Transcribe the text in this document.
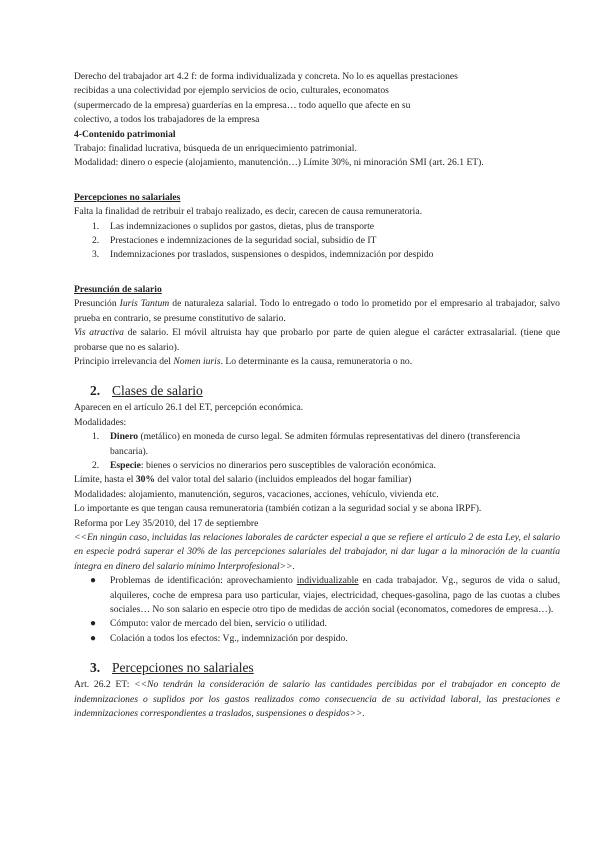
Derecho del trabajador art 4.2 f: de forma individualizada y concreta. No lo es aquellas prestaciones

recibidas a una colectividad por ejemplo servicios de ocio, culturales, economatos

(supermercado de la empresa) guarderías en la empresa… todo aquello que afecte en su

colectivo, a todos los trabajadores de la empresa

4-Contenido patrimonial

Trabajo: finalidad lucrativa, búsqueda de un enriquecimiento patrimonial.

Modalidad: dinero o especie (alojamiento, manutención…) Límite 30%, ni minoración SMI (art. 26.1 ET).

Percepciones no salariales

Falta la finalidad de retribuir el trabajo realizado, es decir, carecen de causa remuneratoria.

1.	Las indemnizaciones o suplidos por gastos, dietas, plus de transporte
2.	Prestaciones e indemnizaciones de la seguridad social, subsidio de IT
3.	Indemnizaciones por traslados, suspensiones o despidos, indemnización por despido

Presunción de salario

Presunción Iuris Tantum de naturaleza salarial. Todo lo entregado o todo lo prometido por el empresario al trabajador, salvo prueba en contrario, se presume constitutivo de salario.

Vis atractiva de salario. El móvil altruista hay que probarlo por parte de quien alegue el carácter extrasalarial. (tiene que probarse que no es salario).

Principio irrelevancia del Nomen iuris. Lo determinante es la causa, remuneratoria o no.

2. Clases de salario

Aparecen en el artículo 26.1 del ET, percepción económica.

Modalidades:

1.	Dinero (metálico) en moneda de curso legal. Se admiten fórmulas representativas del dinero (transferencia bancaria).
2.	Especie: bienes o servicios no dinerarios pero susceptibles de valoración económica.

Límite, hasta el 30% del valor total del salario (incluidos empleados del hogar familiar)

Modalidades: alojamiento, manutención, seguros, vacaciones, acciones, vehículo, vivienda etc.

Lo importante es que tengan causa remuneratoria (también cotizan a la seguridad social y se abona IRPF).

Reforma por Ley 35/2010, del 17 de septiembre

<<En ningún caso, incluidas las relaciones laborales de carácter especial a que se refiere el artículo 2 de esta Ley, el salario en especie podrá superar el 30% de las percepciones salariales del trabajador, ni dar lugar a la minoración de la cuantía íntegra en dinero del salario mínimo Interprofesional>>.

●	Problemas de identificación: aprovechamiento individualizable en cada trabajador. Vg., seguros de vida o salud, alquileres, coche de empresa para uso particular, viajes, electricidad, cheques-gasolina, pago de las cuotas a clubes sociales… No son salario en especie otro tipo de medidas de acción social (economatos, comedores de empresa…).
●	Cómputo: valor de mercado del bien, servicio o utilidad.
●	Colación a todos los efectos: Vg., indemnización por despido.
3. Percepciones no salariales

Art. 26.2 ET: <<No tendrán la consideración de salario las cantidades percibidas por el trabajador en concepto de indemnizaciones o suplidos por los gastos realizados como consecuencia de su actividad laboral, las prestaciones e indemnizaciones correspondientes a traslados, suspensiones o despidos>>.
